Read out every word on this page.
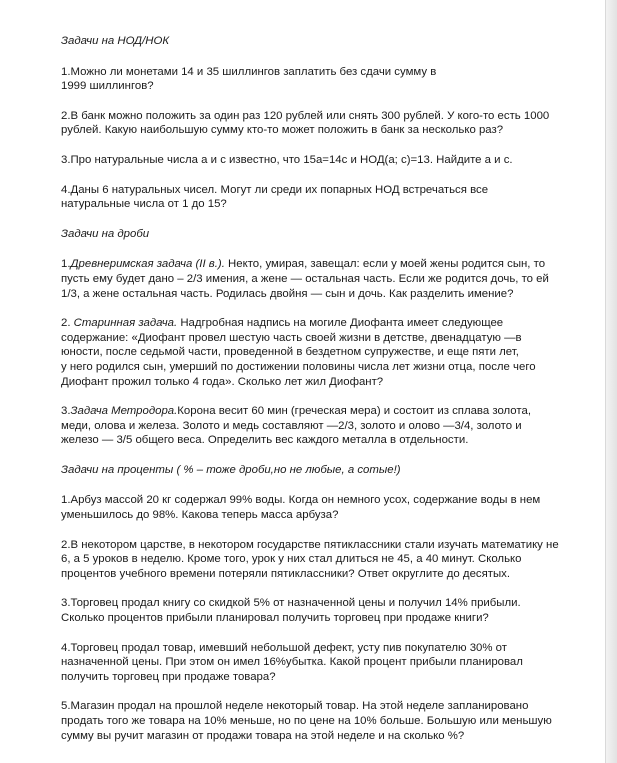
Задачи на НОД/НОК

1.Можно ли монетами 14 и 35 шиллингов заплатить без сдачи сумму в
1999 шиллингов?
2.В банк можно положить за один раз 120 рублей или снять 300 рублей. У кого-то есть 1000
рублей. Какую наибольшую сумму кто-то может положить в банк за несколько раз?
3.Про натуральные числа а и с известно, что 15а=14с и НОД(а; с)=13. Найдите а и с.
4.Даны 6 натуральных чисел. Могут ли среди их попарных НОД встречаться все
натуральные числа от 1 до 15?

Задачи на дроби

1.Древнеримская задача (II в.). Некто, умирая, завещал: если у моей жены родится сын, то
пусть ему будет дано – 2/3 имения, а жене — остальная часть. Если же родится дочь, то ей
1/3, а жене остальная часть. Родилась двойня — сын и дочь. Как разделить имение?
2. Старинная задача. Надгробная надпись на могиле Диофанта имеет следующее
содержание: «Диофант провел шестую часть своей жизни в детстве, двенадцатую —в
юности, после седьмой части, проведенной в бездетном супружестве, и еще пяти лет,
у него родился сын, умерший по достижении половины числа лет жизни отца, после чего
Диофант прожил только 4 года». Сколько лет жил Диофант?
3.Задача Метродора.Корона весит 60 мин (греческая мера) и состоит из сплава золота,
меди, олова и железа. Золото и медь составляют —2/3, золото и олово —3/4, золото и
железо — 3/5 общего веса. Определить вес каждого металла в отдельности.

Задачи на проценты ( % – тоже дроби,но не любые, а сотые!)

1.Арбуз массой 20 кг содержал 99% воды. Когда он немного усох, содержание воды в нем
уменьшилось до 98%. Какова теперь масса арбуза?
2.В некотором царстве, в некотором государстве пятиклассники стали изучать математику не
6, а 5 уроков в неделю. Кроме того, урок у них стал длиться не 45, а 40 минут. Сколько
процентов учебного времени потеряли пятиклассники? Ответ округлите до десятых.
3.Торговец продал книгу со скидкой 5% от назначенной цены и получил 14% прибыли.
Сколько процентов прибыли планировал получить торговец при продаже книги?
4.Торговец продал товар, имевший небольшой дефект, усту пив покупателю 30% от
назначенной цены. При этом он имел 16%убытка. Какой процент прибыли планировал
получить торговец при продаже товара?
5.Магазин продал на прошлой неделе некоторый товар. На этой неделе запланировано
продать того же товара на 10% меньше, но по цене на 10% больше. Большую или меньшую
сумму вы ручит магазин от продажи товара на этой неделе и на сколько %?
